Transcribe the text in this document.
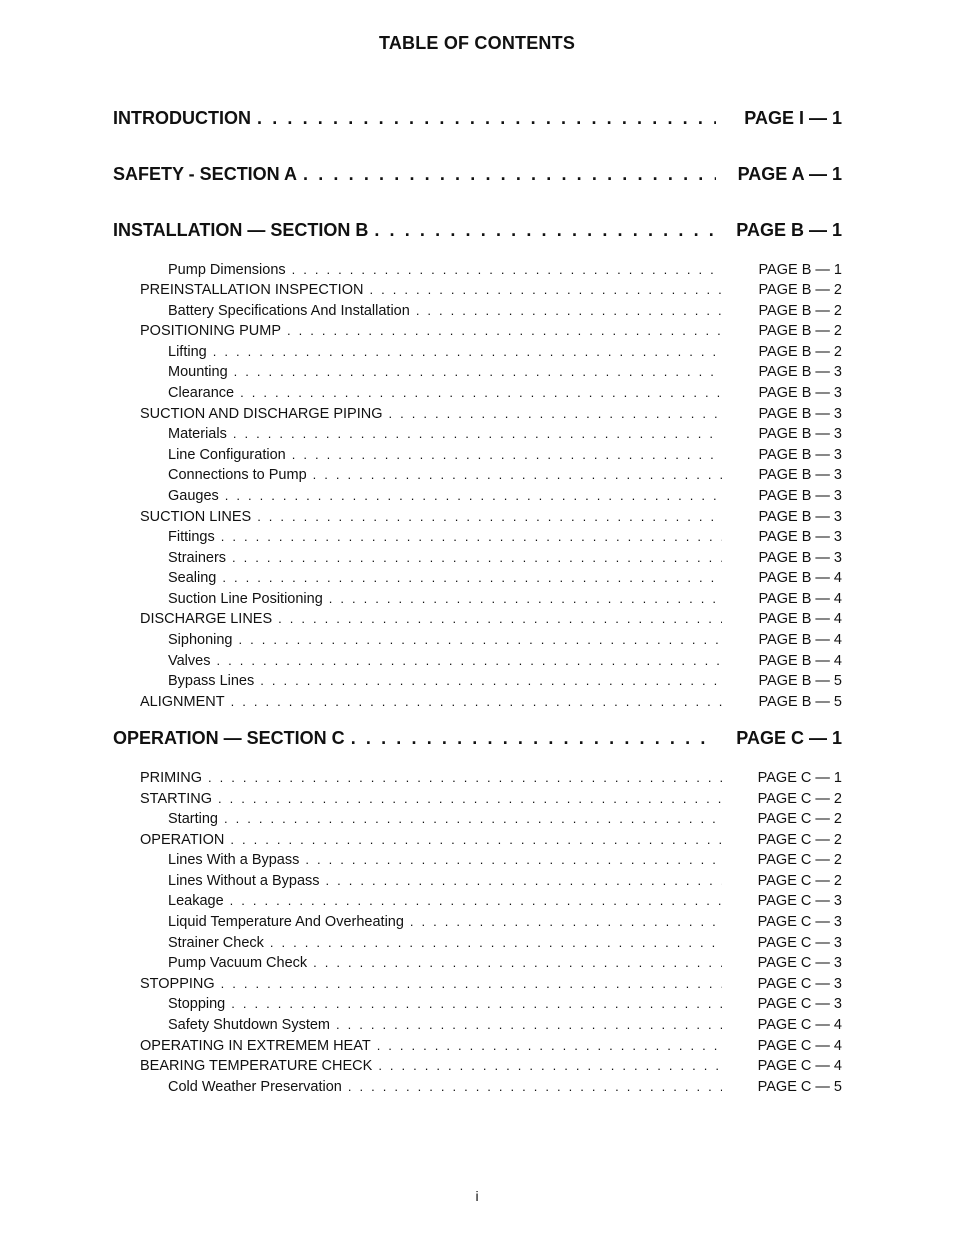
TABLE OF CONTENTS
INTRODUCTION . . .	PAGE I — 1
SAFETY - SECTION A . . .	PAGE A — 1
INSTALLATION — SECTION B . . .	PAGE B — 1
Pump Dimensions . . .	PAGE B — 1
PREINSTALLATION INSPECTION . . .	PAGE B — 2
Battery Specifications And Installation . . .	PAGE B — 2
POSITIONING PUMP . . .	PAGE B — 2
Lifting . . .	PAGE B — 2
Mounting . . .	PAGE B — 3
Clearance . . .	PAGE B — 3
SUCTION AND DISCHARGE PIPING . . .	PAGE B — 3
Materials . . .	PAGE B — 3
Line Configuration . . .	PAGE B — 3
Connections to Pump . . .	PAGE B — 3
Gauges . . .	PAGE B — 3
SUCTION LINES . . .	PAGE B — 3
Fittings . . .	PAGE B — 3
Strainers . . .	PAGE B — 3
Sealing . . .	PAGE B — 4
Suction Line Positioning . . .	PAGE B — 4
DISCHARGE LINES . . .	PAGE B — 4
Siphoning . . .	PAGE B — 4
Valves . . .	PAGE B — 4
Bypass Lines . . .	PAGE B — 5
ALIGNMENT . . .	PAGE B — 5
OPERATION — SECTION C . . .	PAGE C — 1
PRIMING . . .	PAGE C — 1
STARTING . . .	PAGE C — 2
Starting . . .	PAGE C — 2
OPERATION . . .	PAGE C — 2
Lines With a Bypass . . .	PAGE C — 2
Lines Without a Bypass . . .	PAGE C — 2
Leakage . . .	PAGE C — 3
Liquid Temperature And Overheating . . .	PAGE C — 3
Strainer Check . . .	PAGE C — 3
Pump Vacuum Check . . .	PAGE C — 3
STOPPING . . .	PAGE C — 3
Stopping . . .	PAGE C — 3
Safety Shutdown System . . .	PAGE C — 4
OPERATING IN EXTREMEM HEAT . . .	PAGE C — 4
BEARING TEMPERATURE CHECK . . .	PAGE C — 4
Cold Weather Preservation . . .	PAGE C — 5
i
